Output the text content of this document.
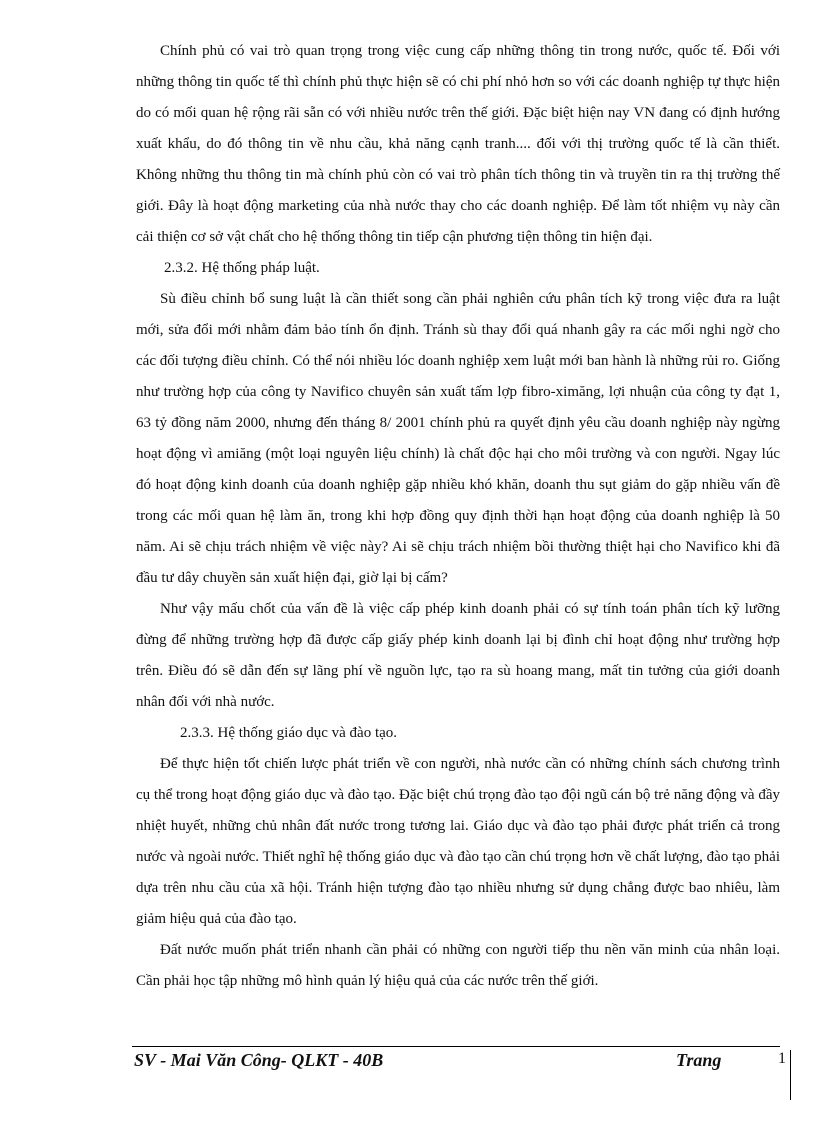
Chính phủ có vai trò quan trọng trong việc cung cấp những thông tin trong nước, quốc tế. Đối với những thông tin quốc tế thì chính phủ thực hiện sẽ có chi phí nhỏ hơn so với các doanh nghiệp tự thực hiện do có mối quan hệ rộng rãi sẵn có với nhiều nước trên thế giới. Đặc biệt hiện nay VN đang có định hướng xuất khẩu, do đó thông tin về nhu cầu, khả năng cạnh tranh.... đối với thị trường quốc tế là cần thiết. Không những thu thông tin mà chính phủ còn có vai trò phân tích thông tin và truyền tin ra thị trường thế giới. Đây là hoạt động marketing của nhà nước thay cho các doanh nghiệp. Để làm tốt nhiệm vụ này cần cải thiện cơ sở vật chất cho hệ thống thông tin tiếp cận phương tiện thông tin hiện đại.

2.3.2. Hệ thống pháp luật.

Sù điều chỉnh bổ sung luật là cần thiết song cần phải nghiên cứu phân tích kỹ trong việc đưa ra luật mới, sửa đổi mới nhằm đảm bảo tính ổn định. Tránh sù thay đổi quá nhanh gây ra các mối nghi ngờ cho các đối tượng điều chỉnh. Có thể nói nhiều lóc doanh nghiệp xem luật mới ban hành là những rủi ro. Giống như trường hợp của công ty Navifico chuyên sản xuất tấm lợp fibro-ximăng, lợi nhuận của công ty đạt 1, 63 tỷ đồng năm 2000, nhưng đến tháng 8/ 2001 chính phủ ra quyết định yêu cầu doanh nghiệp này ngừng hoạt động vì amiăng (một loại nguyên liệu chính) là chất độc hại cho môi trường và con người. Ngay lúc đó hoạt động kinh doanh của doanh nghiệp gặp nhiều khó khăn, doanh thu sụt giảm do gặp nhiều vấn đề trong các mối quan hệ làm ăn, trong khi hợp đồng quy định thời hạn hoạt động của doanh nghiệp là 50 năm. Ai sẽ chịu trách nhiệm về việc này? Ai sẽ chịu trách nhiệm bồi thường thiệt hại cho Navifico khi đã đầu tư dây chuyền sản xuất hiện đại, giờ lại bị cấm?

Như vậy mấu chốt của vấn đề là việc cấp phép kinh doanh phải có sự tính toán phân tích kỹ lưỡng đừng để những trường hợp đã được cấp giấy phép kinh doanh lại bị đình chỉ hoạt động như trường hợp trên. Điều đó sẽ dẫn đến sự lãng phí về nguồn lực, tạo ra sù hoang mang, mất tin tưởng của giới doanh nhân đối với nhà nước.

2.3.3. Hệ thống giáo dục và đào tạo.

Để thực hiện tốt chiến lược phát triển về con người, nhà nước cần có những chính sách chương trình cụ thể trong hoạt động giáo dục và đào tạo. Đặc biệt chú trọng đào tạo đội ngũ cán bộ trẻ năng động và đầy nhiệt huyết, những chủ nhân đất nước trong tương lai. Giáo dục và đào tạo phải được phát triển cả trong nước và ngoài nước. Thiết nghĩ hệ thống giáo dục và đào tạo cần chú trọng hơn về chất lượng, đào tạo phải dựa trên nhu cầu của xã hội. Tránh hiện tượng đào tạo nhiều nhưng sử dụng chẳng được bao nhiêu, làm giảm hiệu quả của đào tạo.

Đất nước muốn phát triển nhanh cần phải có những con người tiếp thu nền văn minh của nhân loại. Cần phải học tập những mô hình quản lý hiệu quả của các nước trên thế giới.

SV - Mai Văn Công- QLKT - 40B	Trang	1
